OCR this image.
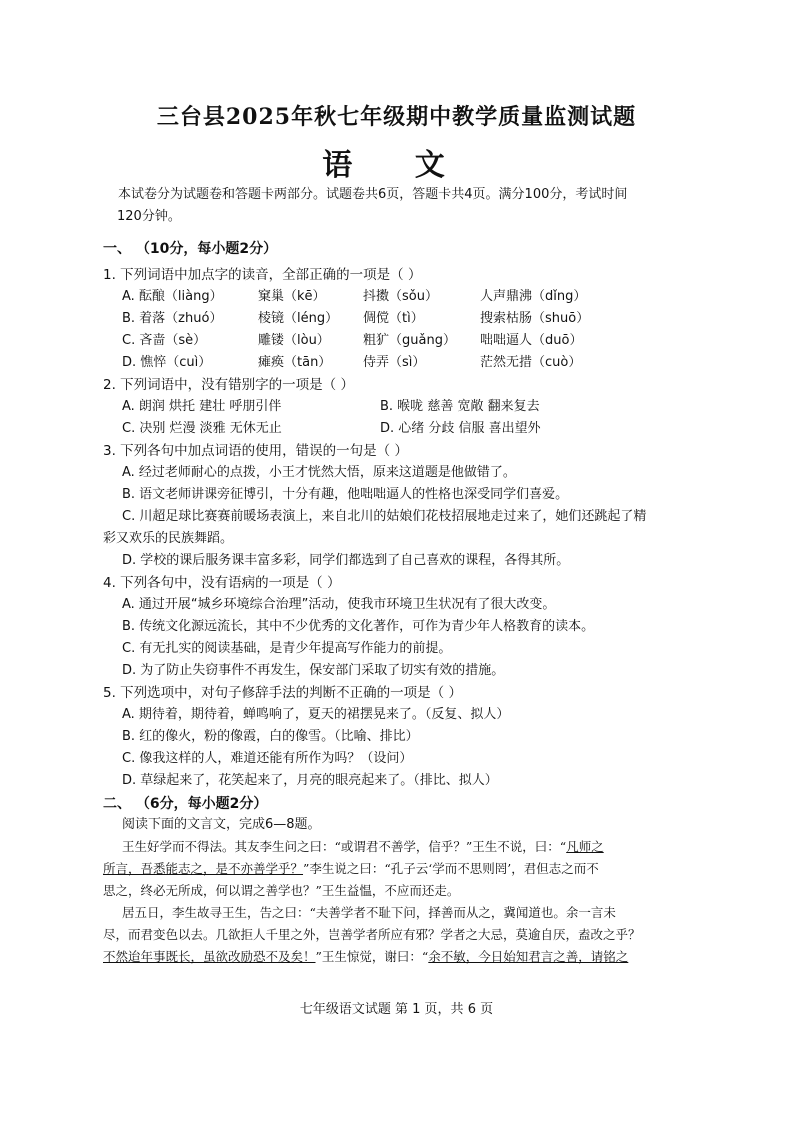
三台县2025年秋七年级期中教学质量监测试题
语 文
本试卷分为试题卷和答题卡两部分。试题卷共6页，答题卡共4页。满分100分，考试时间
120分钟。
一、 （10分，每小题2分）
1. 下列词语中加点字的读音，全部正确的一项是（ ）
A. 酝酿（liàng）	窠巢（kē）	抖擞（sǒu）	人声鼎沸（dǐng）
B. 着落（zhuó）	棱镜（léng） 倜傥（tì）	搜索枯肠（shuō）
C. 吝啬（sè）	雕镂（lòu）	粗犷（guǎng） 咄咄逼人（duō）
D. 憔悴（cuì）	瘫痪（tān） 侍弄（sì）	茫然无措（cuò）
2. 下列词语中，没有错别字的一项是（ ）
A. 朗润 烘托 建壮 呼朋引伴	B. 喉咙 慈善 宽敞 翻来复去
C. 决别 烂漫 淡雅 无休无止	D. 心绪 分歧 信服 喜出望外
3. 下列各句中加点词语的使用，错误的一句是（ ）
A. 经过老师耐心的点拨，小王才恍然大悟，原来这道题是他做错了。
B. 语文老师讲课旁征博引，十分有趣，他咄咄逼人的性格也深受同学们喜爱。
C. 川超足球比赛赛前暖场表演上，来自北川的姑娘们花枝招展地走过来了，她们还跳起了精
彩又欢乐的民族舞蹈。
D. 学校的课后服务课丰富多彩，同学们都选到了自己喜欢的课程，各得其所。
4. 下列各句中，没有语病的一项是（ ）
A. 通过开展“城乡环境综合治理”活动，使我市环境卫生状况有了很大改变。
B. 传统文化源远流长，其中不少优秀的文化著作，可作为青少年人格教育的读本。
C. 有无扎实的阅读基础，是青少年提高写作能力的前提。
D. 为了防止失窃事件不再发生，保安部门采取了切实有效的措施。
5. 下列选项中，对句子修辞手法的判断不正确的一项是（ ）
A. 期待着，期待着，蝉鸣响了，夏天的裙摆晃来了。（反复、拟人）
B. 红的像火，粉的像霞，白的像雪。（比喻、排比）
C. 像我这样的人，难道还能有所作为吗？（设问）
D. 草绿起来了，花笑起来了，月亮的眼亮起来了。（排比、拟人）
二、 （6分，每小题2分）
阅读下面的文言文，完成6—8题。
王生好学而不得法。其友李生问之曰：“或谓君不善学，信乎？”王生不说，曰：“凡师之
所言，吾悉能志之，是不亦善学乎？”李生说之曰：“孔子云‘学而不思则罔’，君但志之而不
思之，终必无所成，何以谓之善学也？”王生益愠，不应而还走。
居五日，李生故寻王生，告之曰：“夫善学者不耻下问，择善而从之，冀闻道也。余一言未
尽，而君变色以去。几欲拒人千里之外，岂善学者所应有邪？学者之大忌，莫逾自厌，盍改之乎？
不然迨年事既长，虽欲改励恐不及矣！”王生惊觉，谢曰：“余不敏，今日始知君言之善，请铭之
七年级语文试题 第 1 页，共 6 页
